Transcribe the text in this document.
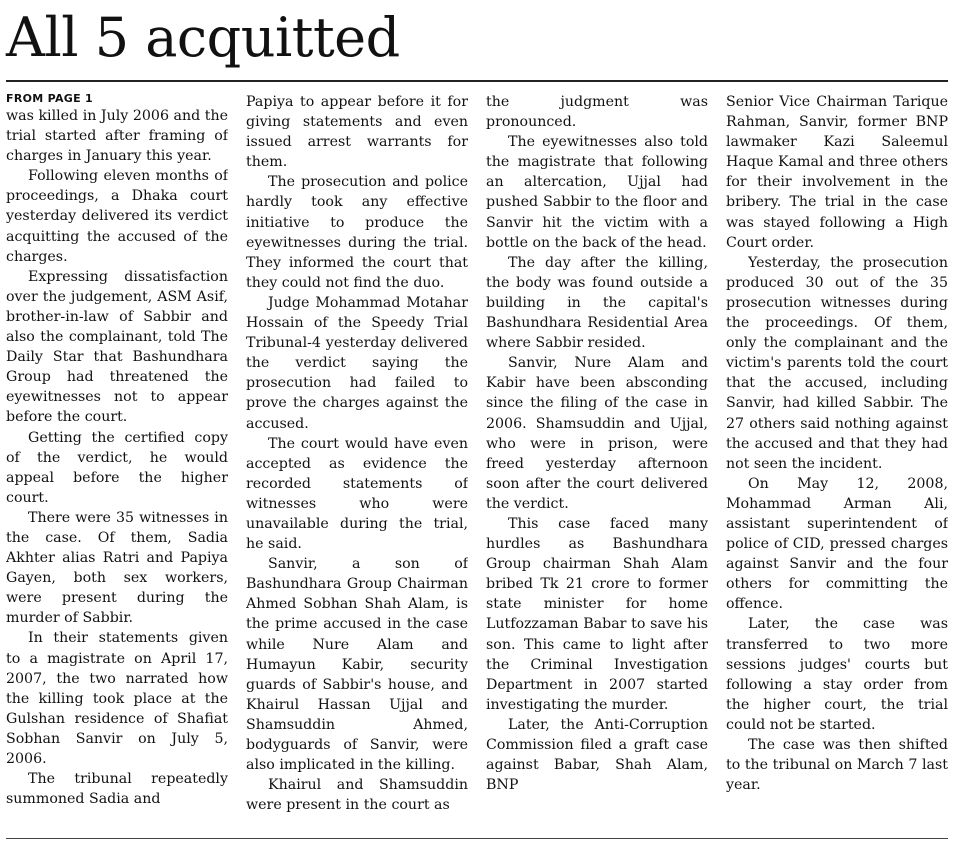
All 5 acquitted
FROM PAGE 1

was killed in July 2006 and the trial started after framing of charges in January this year.

Following eleven months of proceedings, a Dhaka court yesterday delivered its verdict acquitting the accused of the charges.

Expressing dissatisfaction over the judgement, ASM Asif, brother-in-law of Sabbir and also the complainant, told The Daily Star that Bashundhara Group had threatened the eyewitnesses not to appear before the court.

Getting the certified copy of the verdict, he would appeal before the higher court.

There were 35 witnesses in the case. Of them, Sadia Akhter alias Ratri and Papiya Gayen, both sex workers, were present during the murder of Sabbir.

In their statements given to a magistrate on April 17, 2007, the two narrated how the killing took place at the Gulshan residence of Shafiat Sobhan Sanvir on July 5, 2006.

The tribunal repeatedly summoned Sadia and

Papiya to appear before it for giving statements and even issued arrest warrants for them.

The prosecution and police hardly took any effective initiative to produce the eyewitnesses during the trial. They informed the court that they could not find the duo.

Judge Mohammad Motahar Hossain of the Speedy Trial Tribunal-4 yesterday delivered the verdict saying the prosecution had failed to prove the charges against the accused.

The court would have even accepted as evidence the recorded statements of witnesses who were unavailable during the trial, he said.

Sanvir, a son of Bashundhara Group Chairman Ahmed Sobhan Shah Alam, is the prime accused in the case while Nure Alam and Humayun Kabir, security guards of Sabbir's house, and Khairul Hassan Ujjal and Shamsuddin Ahmed, bodyguards of Sanvir, were also implicated in the killing.

Khairul and Shamsuddin were present in the court as

the judgment was pronounced.

The eyewitnesses also told the magistrate that following an altercation, Ujjal had pushed Sabbir to the floor and Sanvir hit the victim with a bottle on the back of the head.

The day after the killing, the body was found outside a building in the capital's Bashundhara Residential Area where Sabbir resided.

Sanvir, Nure Alam and Kabir have been absconding since the filing of the case in 2006. Shamsuddin and Ujjal, who were in prison, were freed yesterday afternoon soon after the court delivered the verdict.

This case faced many hurdles as Bashundhara Group chairman Shah Alam bribed Tk 21 crore to former state minister for home Lutfozzaman Babar to save his son. This came to light after the Criminal Investigation Department in 2007 started investigating the murder.

Later, the Anti-Corruption Commission filed a graft case against Babar, Shah Alam, BNP

Senior Vice Chairman Tarique Rahman, Sanvir, former BNP lawmaker Kazi Saleemul Haque Kamal and three others for their involvement in the bribery. The trial in the case was stayed following a High Court order.

Yesterday, the prosecution produced 30 out of the 35 prosecution witnesses during the proceedings. Of them, only the complainant and the victim's parents told the court that the accused, including Sanvir, had killed Sabbir. The 27 others said nothing against the accused and that they had not seen the incident.

On May 12, 2008, Mohammad Arman Ali, assistant superintendent of police of CID, pressed charges against Sanvir and the four others for committing the offence.

Later, the case was transferred to two more sessions judges' courts but following a stay order from the higher court, the trial could not be started.

The case was then shifted to the tribunal on March 7 last year.
